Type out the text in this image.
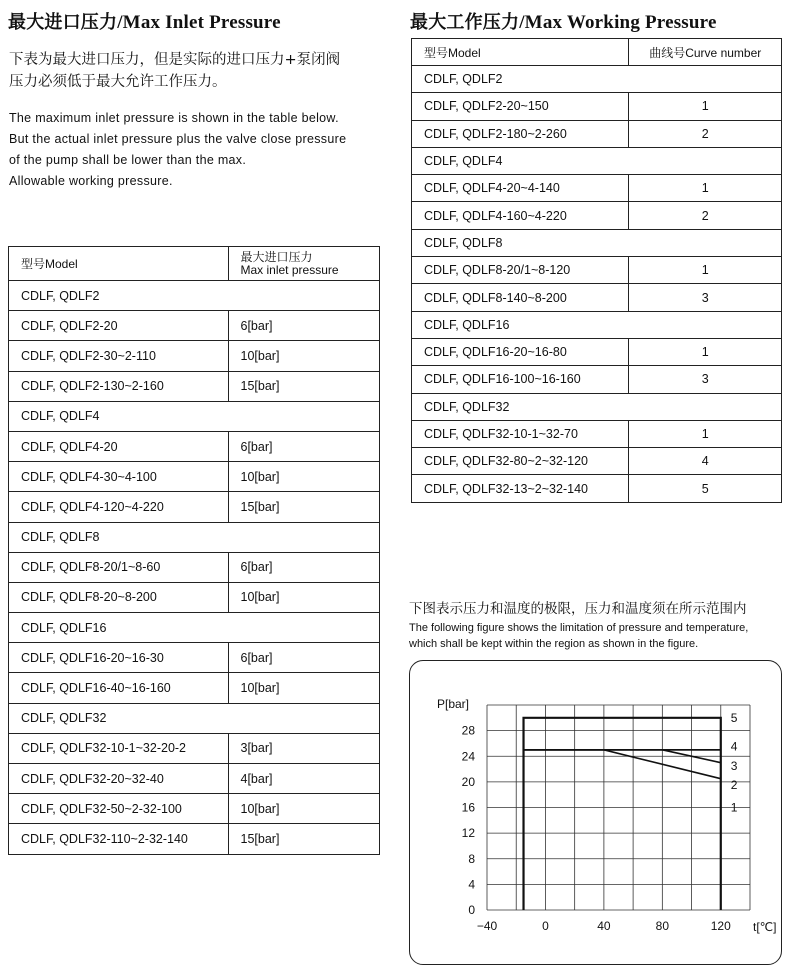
最大进口压力/Max Inlet Pressure
下表为最大进口压力，但是实际的进口压力+泵闭阀
压力必须低于最大允许工作压力。
The maximum inlet pressure is shown in the table below.
But the actual inlet pressure plus the valve close pressure
of the pump shall be lower than the max.
Allowable working pressure.
型号Model	最大进口压力
Max inlet pressure

CDLF, QDLF2	
CDLF, QDLF2-20	6[bar]
CDLF, QDLF2-30~2-110	10[bar]
CDLF, QDLF2-130~2-160	15[bar]
CDLF, QDLF4	
CDLF, QDLF4-20	6[bar]
CDLF, QDLF4-30~4-100	10[bar]
CDLF, QDLF4-120~4-220	15[bar]
CDLF, QDLF8	
CDLF, QDLF8-20/1~8-60	6[bar]
CDLF, QDLF8-20~8-200	10[bar]
CDLF, QDLF16	
CDLF, QDLF16-20~16-30	6[bar]
CDLF, QDLF16-40~16-160	10[bar]
CDLF, QDLF32	
CDLF, QDLF32-10-1~32-20-2	3[bar]
CDLF, QDLF32-20~32-40	4[bar]
CDLF, QDLF32-50~2-32-100	10[bar]
CDLF, QDLF32-110~2-32-140	15[bar]
最大工作压力/Max Working Pressure
型号Model	曲线号Curve number
CDLF, QDLF2	
CDLF, QDLF2-20~150	1
CDLF, QDLF2-180~2-260	2
CDLF, QDLF4	
CDLF, QDLF4-20~4-140	1
CDLF, QDLF4-160~4-220	2
CDLF, QDLF8	
CDLF, QDLF8-20/1~8-120	1
CDLF, QDLF8-140~8-200	3
CDLF, QDLF16	
CDLF, QDLF16-20~16-80	1
CDLF, QDLF16-100~16-160	3
CDLF, QDLF32	
CDLF, QDLF32-10-1~32-70	1
CDLF, QDLF32-80~2~32-120	4
CDLF, QDLF32-13~2~32-140	5
下图表示压力和温度的极限，压力和温度须在所示范围内
The following figure shows the limitation of pressure and temperature,
which shall be kept within the region as shown in the figure.
0
4
8
12
16
20
24
28
−40	0	40	80	120
P[bar]
t[℃]
5
4
3
2
1
